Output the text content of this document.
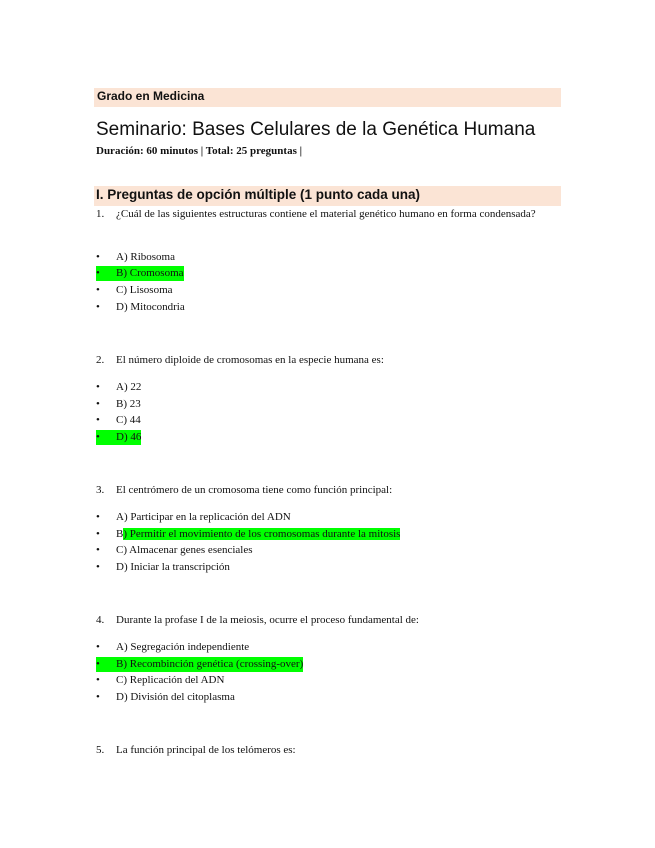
Grado en Medicina
Seminario: Bases Celulares de la Genética Humana
Duración: 60 minutos | Total: 25 preguntas |
I. Preguntas de opción múltiple (1 punto cada una)
1. ¿Cuál de las siguientes estructuras contiene el material genético humano en forma condensada?
• A) Ribosoma
• B) Cromosoma
• C) Lisosoma
• D) Mitocondria
2. El número diploide de cromosomas en la especie humana es:
• A) 22
• B) 23
• C) 44
• D) 46
3. El centrómero de un cromosoma tiene como función principal:
• A) Participar en la replicación del ADN
• B) Permitir el movimiento de los cromosomas durante la mitosis
• C) Almacenar genes esenciales
• D) Iniciar la transcripción
4. Durante la profase I de la meiosis, ocurre el proceso fundamental de:
• A) Segregación independiente
• B) Recombinción genética (crossing-over)
• C) Replicación del ADN
• D) División del citoplasma
5. La función principal de los telómeros es:
